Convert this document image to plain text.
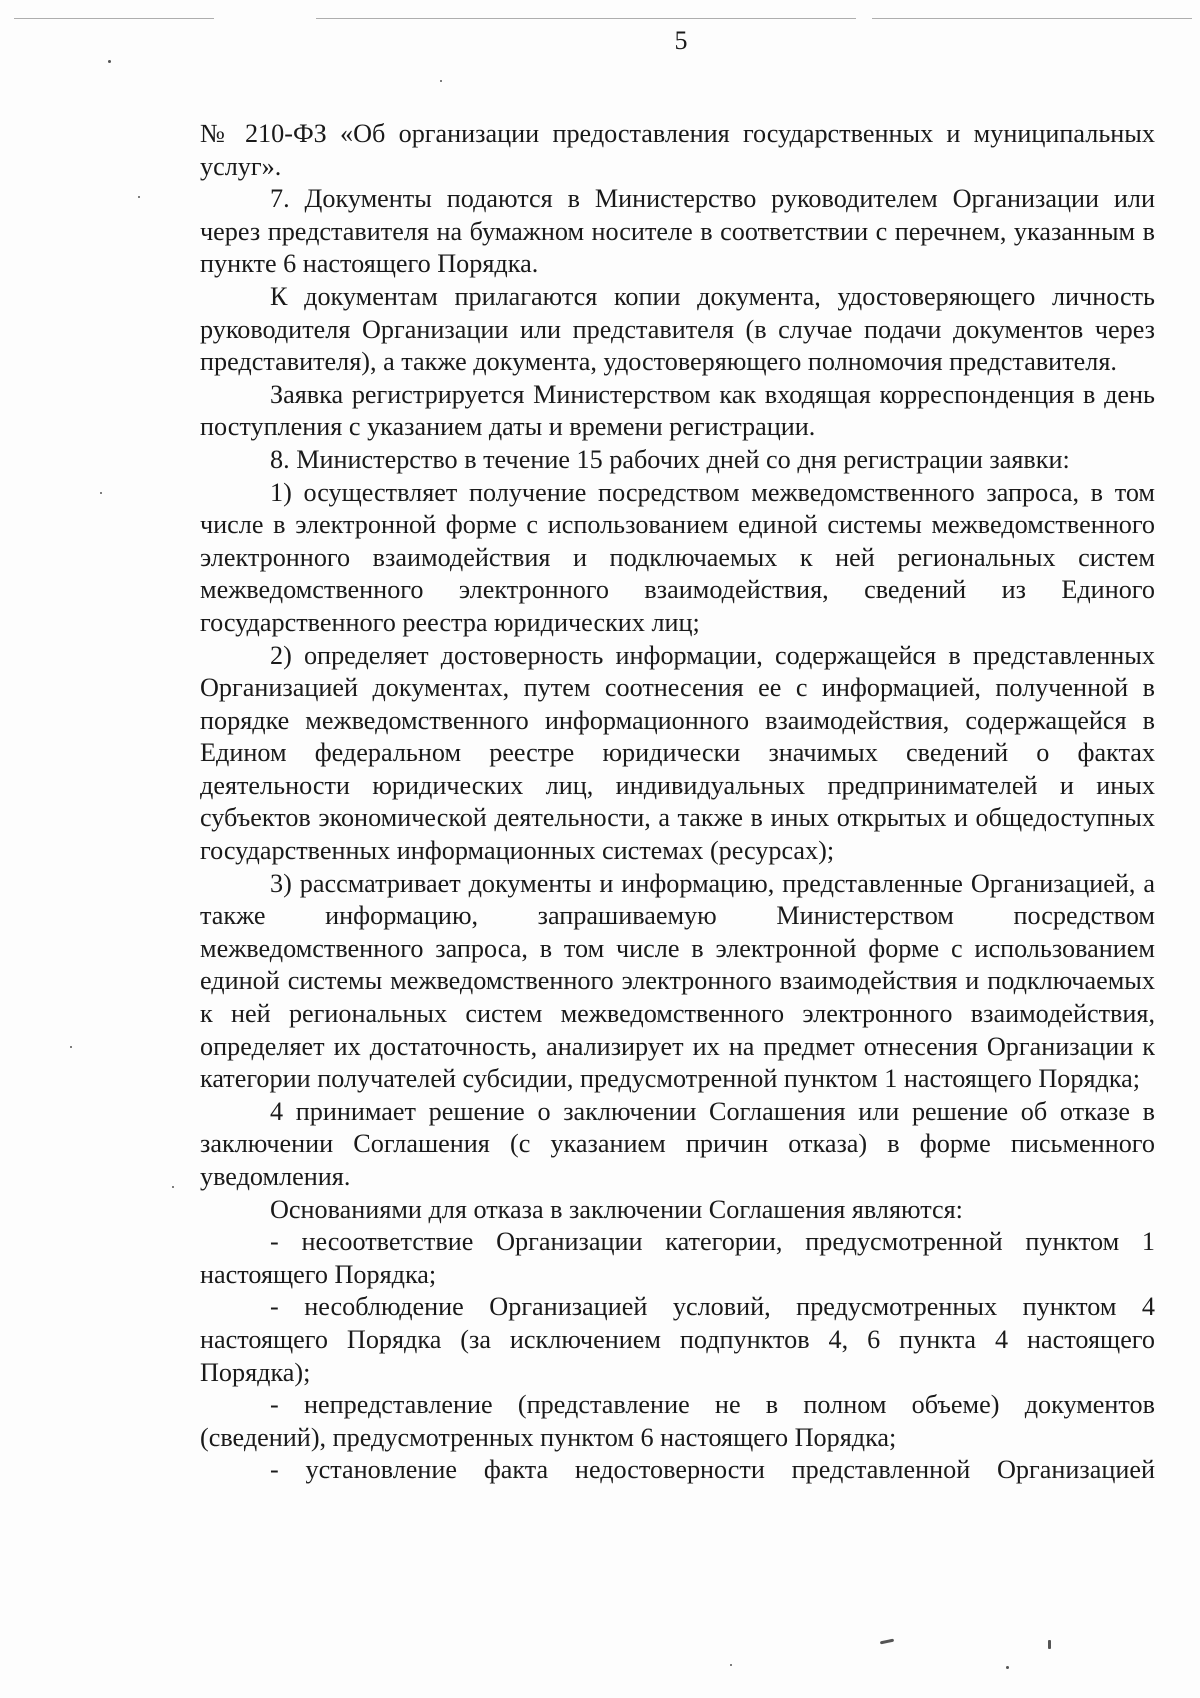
5

№ 210-ФЗ «Об организации предоставления государственных и муниципальных услуг».

7. Документы подаются в Министерство руководителем Организации или через представителя на бумажном носителе в соответствии с перечнем, указанным в пункте 6 настоящего Порядка.

К документам прилагаются копии документа, удостоверяющего личность руководителя Организации или представителя (в случае подачи документов через представителя), а также документа, удостоверяющего полномочия представителя.

Заявка регистрируется Министерством как входящая корреспонденция в день поступления с указанием даты и времени регистрации.

8. Министерство в течение 15 рабочих дней со дня регистрации заявки:

1) осуществляет получение посредством межведомственного запроса, в том числе в электронной форме с использованием единой системы межведомственного электронного взаимодействия и подключаемых к ней региональных систем межведомственного электронного взаимодействия, сведений из Единого государственного реестра юридических лиц;

2) определяет достоверность информации, содержащейся в представленных Организацией документах, путем соотнесения ее с информацией, полученной в порядке межведомственного информационного взаимодействия, содержащейся в Едином федеральном реестре юридически значимых сведений о фактах деятельности юридических лиц, индивидуальных предпринимателей и иных субъектов экономической деятельности, а также в иных открытых и общедоступных государственных информационных системах (ресурсах);

3) рассматривает документы и информацию, представленные Организацией, а также информацию, запрашиваемую Министерством посредством межведомственного запроса, в том числе в электронной форме с использованием единой системы межведомственного электронного взаимодействия и подключаемых к ней региональных систем межведомственного электронного взаимодействия, определяет их достаточность, анализирует их на предмет отнесения Организации к категории получателей субсидии, предусмотренной пунктом 1 настоящего Порядка;

4 принимает решение о заключении Соглашения или решение об отказе в заключении Соглашения (с указанием причин отказа) в форме письменного уведомления.

Основаниями для отказа в заключении Соглашения являются:

- несоответствие Организации категории, предусмотренной пунктом 1 настоящего Порядка;

- несоблюдение Организацией условий, предусмотренных пунктом 4 настоящего Порядка (за исключением подпунктов 4, 6 пункта 4 настоящего Порядка);

- непредставление (представление не в полном объеме) документов (сведений), предусмотренных пунктом 6 настоящего Порядка;

- установление факта недостоверности представленной Организацией
